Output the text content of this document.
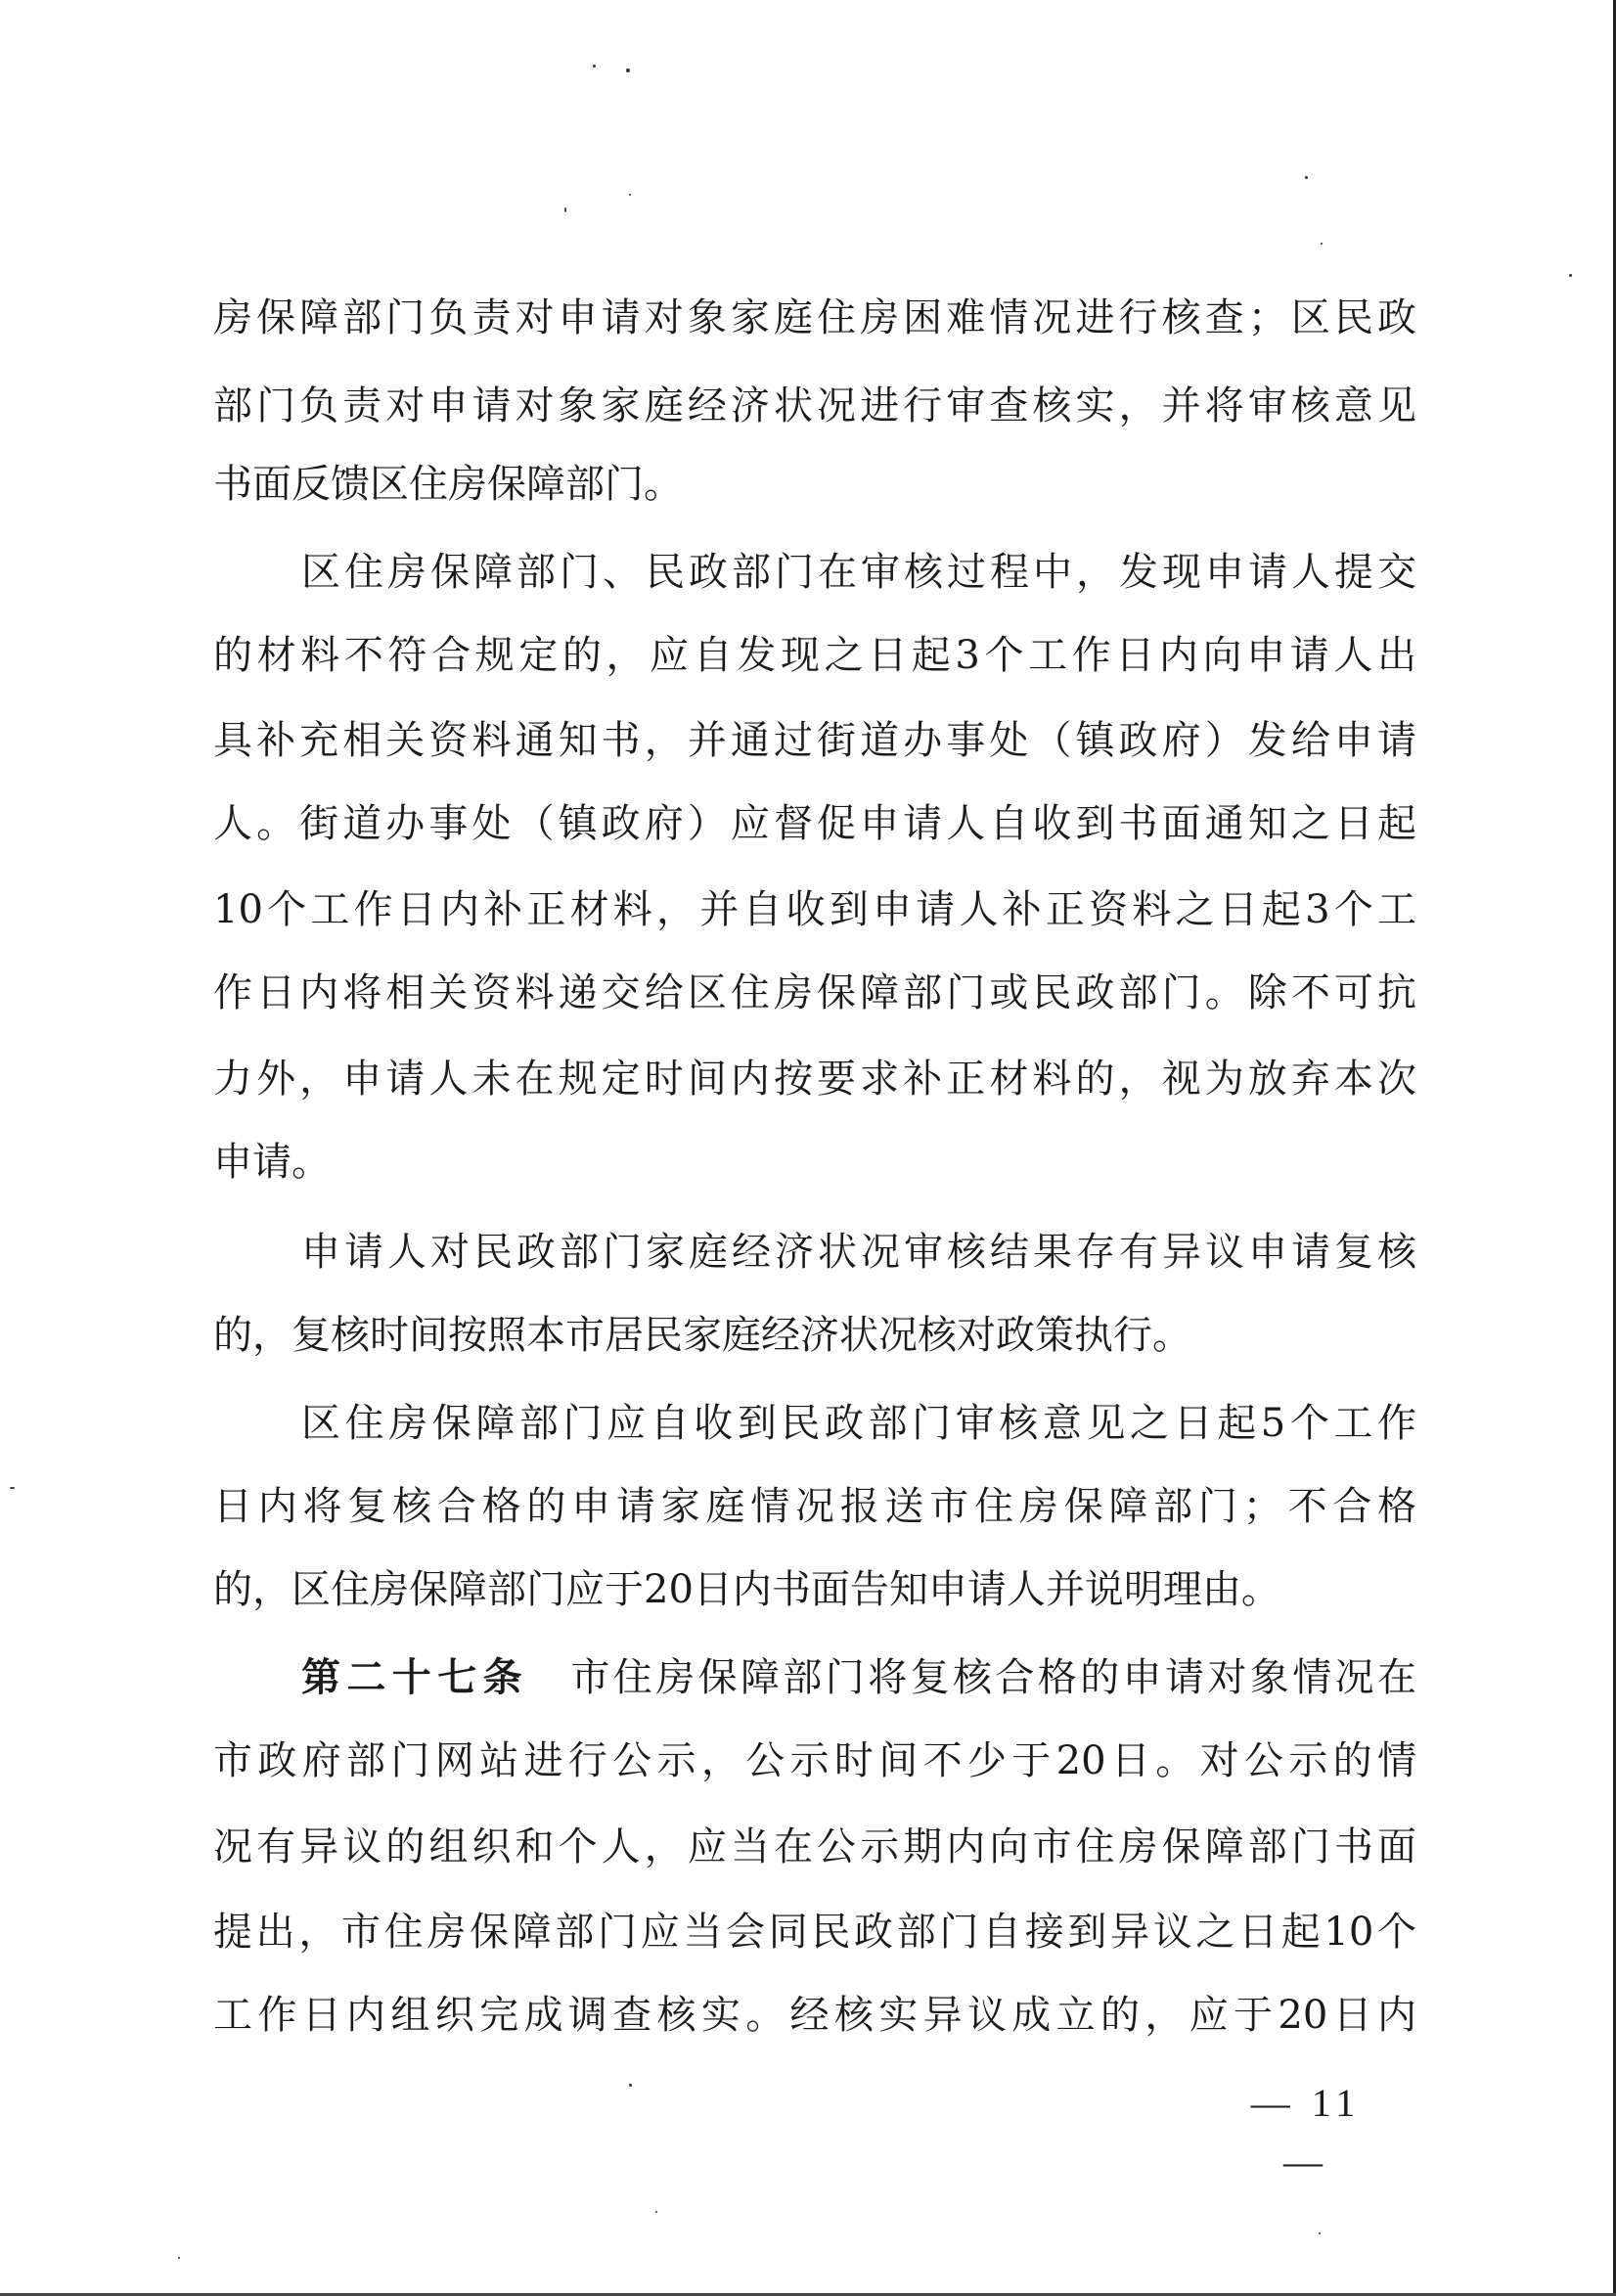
房保障部门负责对申请对象家庭住房困难情况进行核查；区民政
部门负责对申请对象家庭经济状况进行审查核实，并将审核意见
书面反馈区住房保障部门。
区住房保障部门、民政部门在审核过程中，发现申请人提交
的材料不符合规定的，应自发现之日起3个工作日内向申请人出
具补充相关资料通知书，并通过街道办事处（镇政府）发给申请
人。街道办事处（镇政府）应督促申请人自收到书面通知之日起
10个工作日内补正材料，并自收到申请人补正资料之日起3个工
作日内将相关资料递交给区住房保障部门或民政部门。除不可抗
力外，申请人未在规定时间内按要求补正材料的，视为放弃本次
申请。
申请人对民政部门家庭经济状况审核结果存有异议申请复核
的，复核时间按照本市居民家庭经济状况核对政策执行。
区住房保障部门应自收到民政部门审核意见之日起5个工作
日内将复核合格的申请家庭情况报送市住房保障部门；不合格
的，区住房保障部门应于20日内书面告知申请人并说明理由。
第二十七条 市住房保障部门将复核合格的申请对象情况在
市政府部门网站进行公示，公示时间不少于20日。对公示的情
况有异议的组织和个人，应当在公示期内向市住房保障部门书面
提出，市住房保障部门应当会同民政部门自接到异议之日起10个
工作日内组织完成调查核实。经核实异议成立的，应于20日内
— 11 —
